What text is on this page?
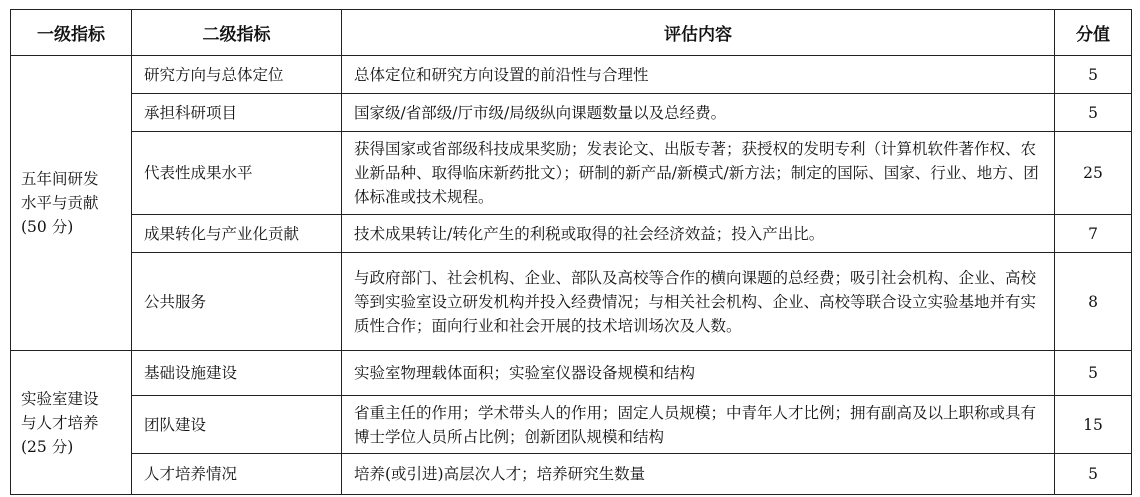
一级指标	二级指标	评估内容	分值

五年间研发
水平与贡献
(50 分)	研究方向与总体定位	总体定位和研究方向设置的前沿性与合理性	5
	承担科研项目	国家级/省部级/厅市级/局级纵向课题数量以及总经费。	5
	代表性成果水平	获得国家或省部级科技成果奖励；发表论文、出版专著；获授权的发明专利（计算机软件著作权、农业新品种、取得临床新药批文）；研制的新产品/新模式/新方法；制定的国际、国家、行业、地方、团体标准或技术规程。	25
	成果转化与产业化贡献	技术成果转让/转化产生的利税或取得的社会经济效益；投入产出比。	7
	公共服务	与政府部门、社会机构、企业、部队及高校等合作的横向课题的总经费；吸引社会机构、企业、高校等到实验室设立研发机构并投入经费情况；与相关社会机构、企业、高校等联合设立实验基地并有实质性合作；面向行业和社会开展的技术培训场次及人数。	8

实验室建设
与人才培养
(25 分)	基础设施建设	实验室物理载体面积；实验室仪器设备规模和结构	5
	团队建设	省重主任的作用；学术带头人的作用；固定人员规模；中青年人才比例；拥有副高及以上职称或具有博士学位人员所占比例；创新团队规模和结构	15
	人才培养情况	培养(或引进)高层次人才；培养研究生数量	5
